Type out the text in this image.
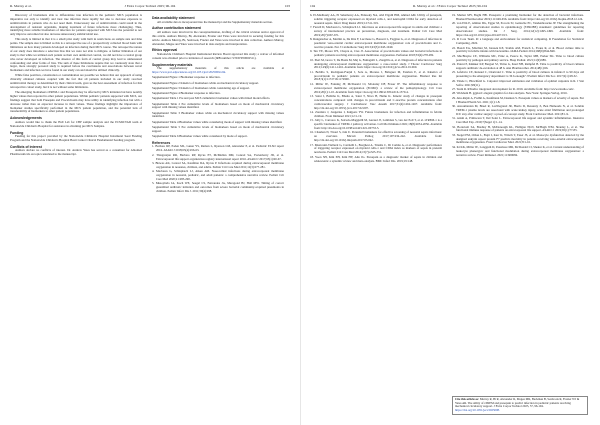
R. Murray et al.	J Extra Corpor Technol 2025; 96-104	103

Discovery of biomarkers able to differentiate true infection in the pediatric MCS population is imperative not only to identify and treat true infection more rapidly but also to decrease exposure to antimicrobials in patients who do not need them. Unnecessary use of antimicrobials could result in the development of resistant organisms, making treatment of future infections more challenging. Thus, identifying more reliable biomarkers of infection for patients supported with MCS has the potential to not only improve outcomes but also decrease unnecessary antimicrobial use.

This study is limited in that it is a small pilot study with built in restrictions on sample size and time points. The sample size is limited as this is a retrospective use of a prospectively collected blood bank with limitations on how many patients developed an infection during their MCS course. The retrospective nature of our study does introduce a selection bias that we were not able to mitigate. A further limitation of our study is that while we utilized each patient as their own uninfected control, we did not have a control group who never developed an infection. The absence of this form of control group may lead to unmeasured confounding and other forms of bias. The sum of these limitations require that we cautiously state that a larger, more strongly powered study is required before the conclusions and associations between novel biomarkers and infection we have found in our study can and should be utilized clinically.

While false positives, colonization or contamination are possible we believe that our approach of using clinically obtained cultures coupled with the fact that all patients included in our study received antimicrobial therapy as determined by their clinical team, gave us the best assessment of infection for this retrospective cohort study, but it is not without some limitations.

The emerging biomarkers sTREM-1 and Presepsin may be affected by MCS initiation but have notably higher values than reported in other patient populations. Within pediatric patients supported with MCS, our findings suggest that both Presepsin and Procalcitonin may have utility in identifying infection but with a decrease rather than an expected increase in their values. These findings highlight the importance of biomarker studies specifically performed in the MCS patient population, and the potential lack of transferability of biomarkers to other patient populations.

Acknowledgements

Authors would like to thank the Hall Lab for CBP sample analysis and the ECMO/VAD team at Nationwide Children's Hospital for assistance in obtaining pre MCS Samples.

Funding

Funding for this project provided by the Nationwide Children's Hospital Intramural Seed Funding Program and the Nationwide Children's Hospital Heart Center Clinical Fundamental Seeding program.

Conflicts of interest

Authors declare no conflicts of interest. Dr. Andrew Yates has served as a consultant for Abiomed Pharmaceuticals on topics unrelated to the manuscript.

Data availability statement

All available data is incorporated into the manuscript and the Supplementary materials section.

Author contribution statement

All authors were involved in the conceptualization, drafting of the critical revision and/or approval of this article. Authors Murray, Bi, Alexander, Frazier and Yates were involved in securing funding for this article. Authors Murray, Bi, Seabrook, Frazier and Yates were involved in data collection. Authors Murray, Alexander, Magee and Yates were involved in data analysis and interpretation.

Ethics approval

Nationwide Children's Hospital Institutional Review Board approved this study; a waiver of informed consent was obtained prior to initiation of research (IRB number: STUDY00002511).

Supplementary materials

The supplementary materials of this article are available at https://www.ject.edpsciences.org/10.1051/ject/2025009/olm.

Supplemental Figure 1 Biomarker response to infection.

Supplemental Figure 2 Kinetics of biomarkers while on mechanical circulatory support.

Supplemental Figure 3 Kinetics of biomarkers while considering age of support.

Supplemental Figure 4 Biomarker response to infection.

Supplemental Table 1 Pre and post MCS cumulative biomarker values with mixed model effects.

Supplemental Table 2 Pre cumulative levels of biomarkers based on mode of mechanical circulatory support with missing values identified.

Supplemental Table 3 Biomarker values while on mechanical circulatory support with missing values identified.

Supplemental Table 4 Biomarker values while considering mode of support with missing values identified.

Supplemental Table 5 Pre cumulative levels of biomarkers based on mode of mechanical circulatory support.

Supplemental Table 6 Biomarker values while considered by mode of support.

References
1. Barbaro RP, Paden ML, Guner YS, Raman L, Ryerson LM, Alexander P, et al. Pediatric ELSO report 2016. ASAIO J 2018;63(4):456-63.
2. Thiagarajan RR, Barbaro RP, Rycus PT, McMullan DM, Conrad SA, Fortenberry JD, et al. Extracorporeal life support organization registry international report 2016. ASAIO J 2017;63(1):60-67.
3. Biswas AK, Conrad SA, Kaufman DA, Rycus P. Infections acquired during extracorporeal membrane oxygenation in neonates, children, and adults. Pediatr Crit Care Med 2011;12(3):277-281.
4. Maclaren G, Schlapbach LJ, Aiken AM. Nosocomial infections during extracorporeal membrane oxygenation in neonatal, pediatric, and adult patients: a comprehensive narrative review. Pediatr Crit Care Med 2020;21:283-290.
5. Musoyinda JA, Koch WE, Seegel CS, Fernandes JA, Maragond BJ, Hall MW. Timing of correct guanidinal antibiotic initiation and outcomes from severe bacterial community-acquired pneumonia in children. Pediatr Infect Dis J. 2011;30(4):298.
104	R. Murray et al.: J Extra Corpor Technol 2025; 96-104
6. El-Madbouly AA, El Sehemawy AA, Eldesoky NA, Abd Elgalil HM, Ahmed AM. Utility of presepsin, soluble triggering receptor expressed on myeloid cells-1, and neutrophil CD64 for early detection of neonatal sepsis. Infect Drug Resist 2019;12:311-319.
7. Farrell D, Maclaren G, Schlapbach LJ. Infections on extracorporeal life support in adults and children: a survey of international practice on prevention, diagnosis, and treatment. Pediatr Crit Care Med 2019;20(7):667-671.
8. Rungatscher A, Merlini A, De Rita F, Lucchese G, Barozzi L, Faggian G, et al. Diagnosis of infection in paediatric veno-arterial cardiac extracorporeal membrane oxygenation: role of procalcitonin and C-reactive protein. Eur J Cardiothorac Surg 2013;43(5):1043-1049.
9. Tan VE, Moore WS, Chopra A, Cies JJ. Association of procalcitonin values and bacterial infections in pediatric patients receiving extracorporeal membrane oxygenation. Perfusion 2018;33(4):278-282.
10. Pieri M, Greco T, De Bonis M, Maj G, Fumagalli L, Zangrillo A, et al. Diagnosis of infection in patients undergoing extracorporeal membrane oxygenation: a case-control study. J Thorac Cardiovasc Surg 2012;143(6):1411-1416. Available from: https://doi.org/10.1016/j.jtcvs.2012.01.069.
11. Bobillo S, Rodriguez-Fanjul J, Sole A, Moreno J, Balaguer M, Esteban E, et al. Kinetics of procalcitonin in pediatric patients on extracorporeal membrane oxygenation. Biomed Res Int 2018;3(1):1172716:1172900.
12. Millar JE, Fanning JP, McDonald CI, McAuley DF, Fraser JF. The inflammatory response to extracorporeal membrane oxygenation (ECMO): a review of the pathophysiology. Crit Care 2016;20(1):1-10. Available from: https://doi.org/10.1186/s13054-016-1570-4.
13. Saini J, Babitha K, Bhatia A, Saini T, Niwa H, Hemu K. Kinetic study of changes in presepsin concentrations compared with changes in procalcitonin and C-reactive protein concentrations after cardiovascular surgery. J Cardiothorac Vasc Anesth 2017;31(4):1262-1267. Available from: http://dx.doi.org/10.1053/j.jvca.2017.02.007.
14. Zandstra J, Jongerius I, Kuijpers TW. Future biomarkers for infection and inflammation in febrile children. Front Immunol 2021;12:1-19.
15. Jolly L, Carrasco K, Salcedo-Magguilli M, Garaud JJ, Lambden S, van der Poll T, et al. sTREM-1 is a specific biomarker of TREM-1 pathway activation. Cell Mol Immunol 2021;18(8):2054-2056. Available from: http://dx.doi.org/10.1038/s41423-021-00733-5.
16. Chauhan N, Tiwari S, Jain U. Potential biomarkers for effective screening of neonatal sepsis infections: an overview. Microb Pathog 2017;107:234-242. Available from: http://dx.doi.org/10.1016/j.micpath.2017.03.042.
17. Musicanti-Vielleral G, Carritelli L, Borghesi A, Trisalis C, Di Comite A, et al. Diagnostic performance of triggering receptor expressed on myeloid cells-1 and CD64 index as markers of sepsis in preterm newborns. Pediatr Crit Care Med 2014;15(7):e325-331.
18. Yoon SH, Kim EH, Kim HY, Ahn JG. Presepsin as a diagnostic marker of sepsis in children and adolescents: a systemic review and meta-analysis. BMC Infect Dis. 2019;19:148.
19. Memar MY, Baghi HB. Presepsin: a promising biomarker for the detection of bacterial infections. Biomed Pharmacother 2019;111:649-656. Available from: https://doi.org/10.1016/j.biopha.2018.12.124.
20. von Elm E, Altman DG, Egger M, Pocock SJ, Gøtzsche PC, Vandenbroucke JP. The strengthening the reporting of observational studies in epidemiology (STROBE) statement: guidelines for reporting observational studies. Int J Surg. 2014;12(12):1495-1499. Available from: https://doi.org/10.1016/j.ijsu.2014.07.013.
21. R Core Team. R: a language and environment for statistical computing. R Foundation for Statistical Computing, 2022.
22. Bondi EA, Mischler M, Jurasek KE, Stathis AM, French L, Evans R, et al. Blood culture time to positivity in febrile infants with bacteremia. JAMA Pediatr 2014;168(9):844-849.
23. MacBrayne CE, Williams MC, Prinz A, Pearce K, Taylor MB, Parker SK. Time to blood culture positivity by pathogen and primary service. Hosp Pediatr. 2021;11(9):989.
24. Paioni P, Kinkker KP, Bergsel SJ, Tirina G, Kaul NH, Rampfel B. Time to positivity of blood cultures supports antibiotic de-escalation at 48 h. Ann Pharmacother. 2014;48(1):66.
25. Lefebvre CE, Renaud C, Chartrand C. Time to positivity of blood cultures in infants 0 to 90 days old presenting to the emergency department: is 36 h enough? J Pediatr Infect Dis Soc. 2017;6(1):28-32.
26. Thiele C, Hirschfeld G. Cutpoint: improved estimation and validation of optimal cutpoints in R. J Stat Softw. 2021;98(11).
27. Team R. RStudio: integrated development for R. 2019. Available from: http://www.rstudio.com/.
28. Wickham H. ggplot2: elegant graphics for data analysis. New York: Springer-Verlag, 2016.
29. Abu-Rajab A, Fadhil A, Kaufmann M, Desikan S. Presepsin values as markers of severity of sepsis. Eur J Biomed Pharm Sci. 2021;1(1):1-8.
30. Arzoumanian M, Bruel R, Lavillegrand JR, Harris D, Dessanty Z, Ben Hamouda N, et al. Soluble TREM-1 plasma levels are associated with acute kidney injury, acute atrial fibrillation and prolonged ICU stay after cardiac surgery: a proof-of-concept study. Front Cardiovasc Med. 2021;8:1-9.
31. Adam A, Primaceru T, Del Soler L. Extracorporeal life support and systemic inflammation. Intensive Care Med Exp. 2019;7(Suppl 1):1-14.
32. Bortolotti SA, Bradley H, McDonough KL, Halligan NLN, McHugh WM, Shanley L, et al. The functional immune response of patients on extracorporeal life support. ASAIO J. 2019;65(1):77-83.
33. Siegel PM, Orban L, Bojti I, Karr K, Witsch T, Esser JS, et al. Monocyte dysfunction detected by the designed ankyrin repeat protein F7 predicts mortality in patients receiving veno-arterial extracorporeal membrane oxygenation. Front Cardiovasc Med. 2021;8:1-16.
34. Ki KK, Millar JE, Langguth D, Passmore MR, McDonald CI, Shekar K, et al. Current understanding of leukocyte phenotypic and functional modulation during extracorporeal membrane oxygenation: a narrative review. Front Immunol. 2021;11:600684.
Cite this article as: Murray R, Bi R, Alexander R, Magee MR, Beckman B, Seabrook R, Frazier WJ & Yates AR. The utility of sTREM and presepsin to predict infection in pediatric patients receiving mechanical circulatory support. J Extra Corpor Technol 2025, 57, 96-104. https://doi.org/10.1051/ject/2025008.
